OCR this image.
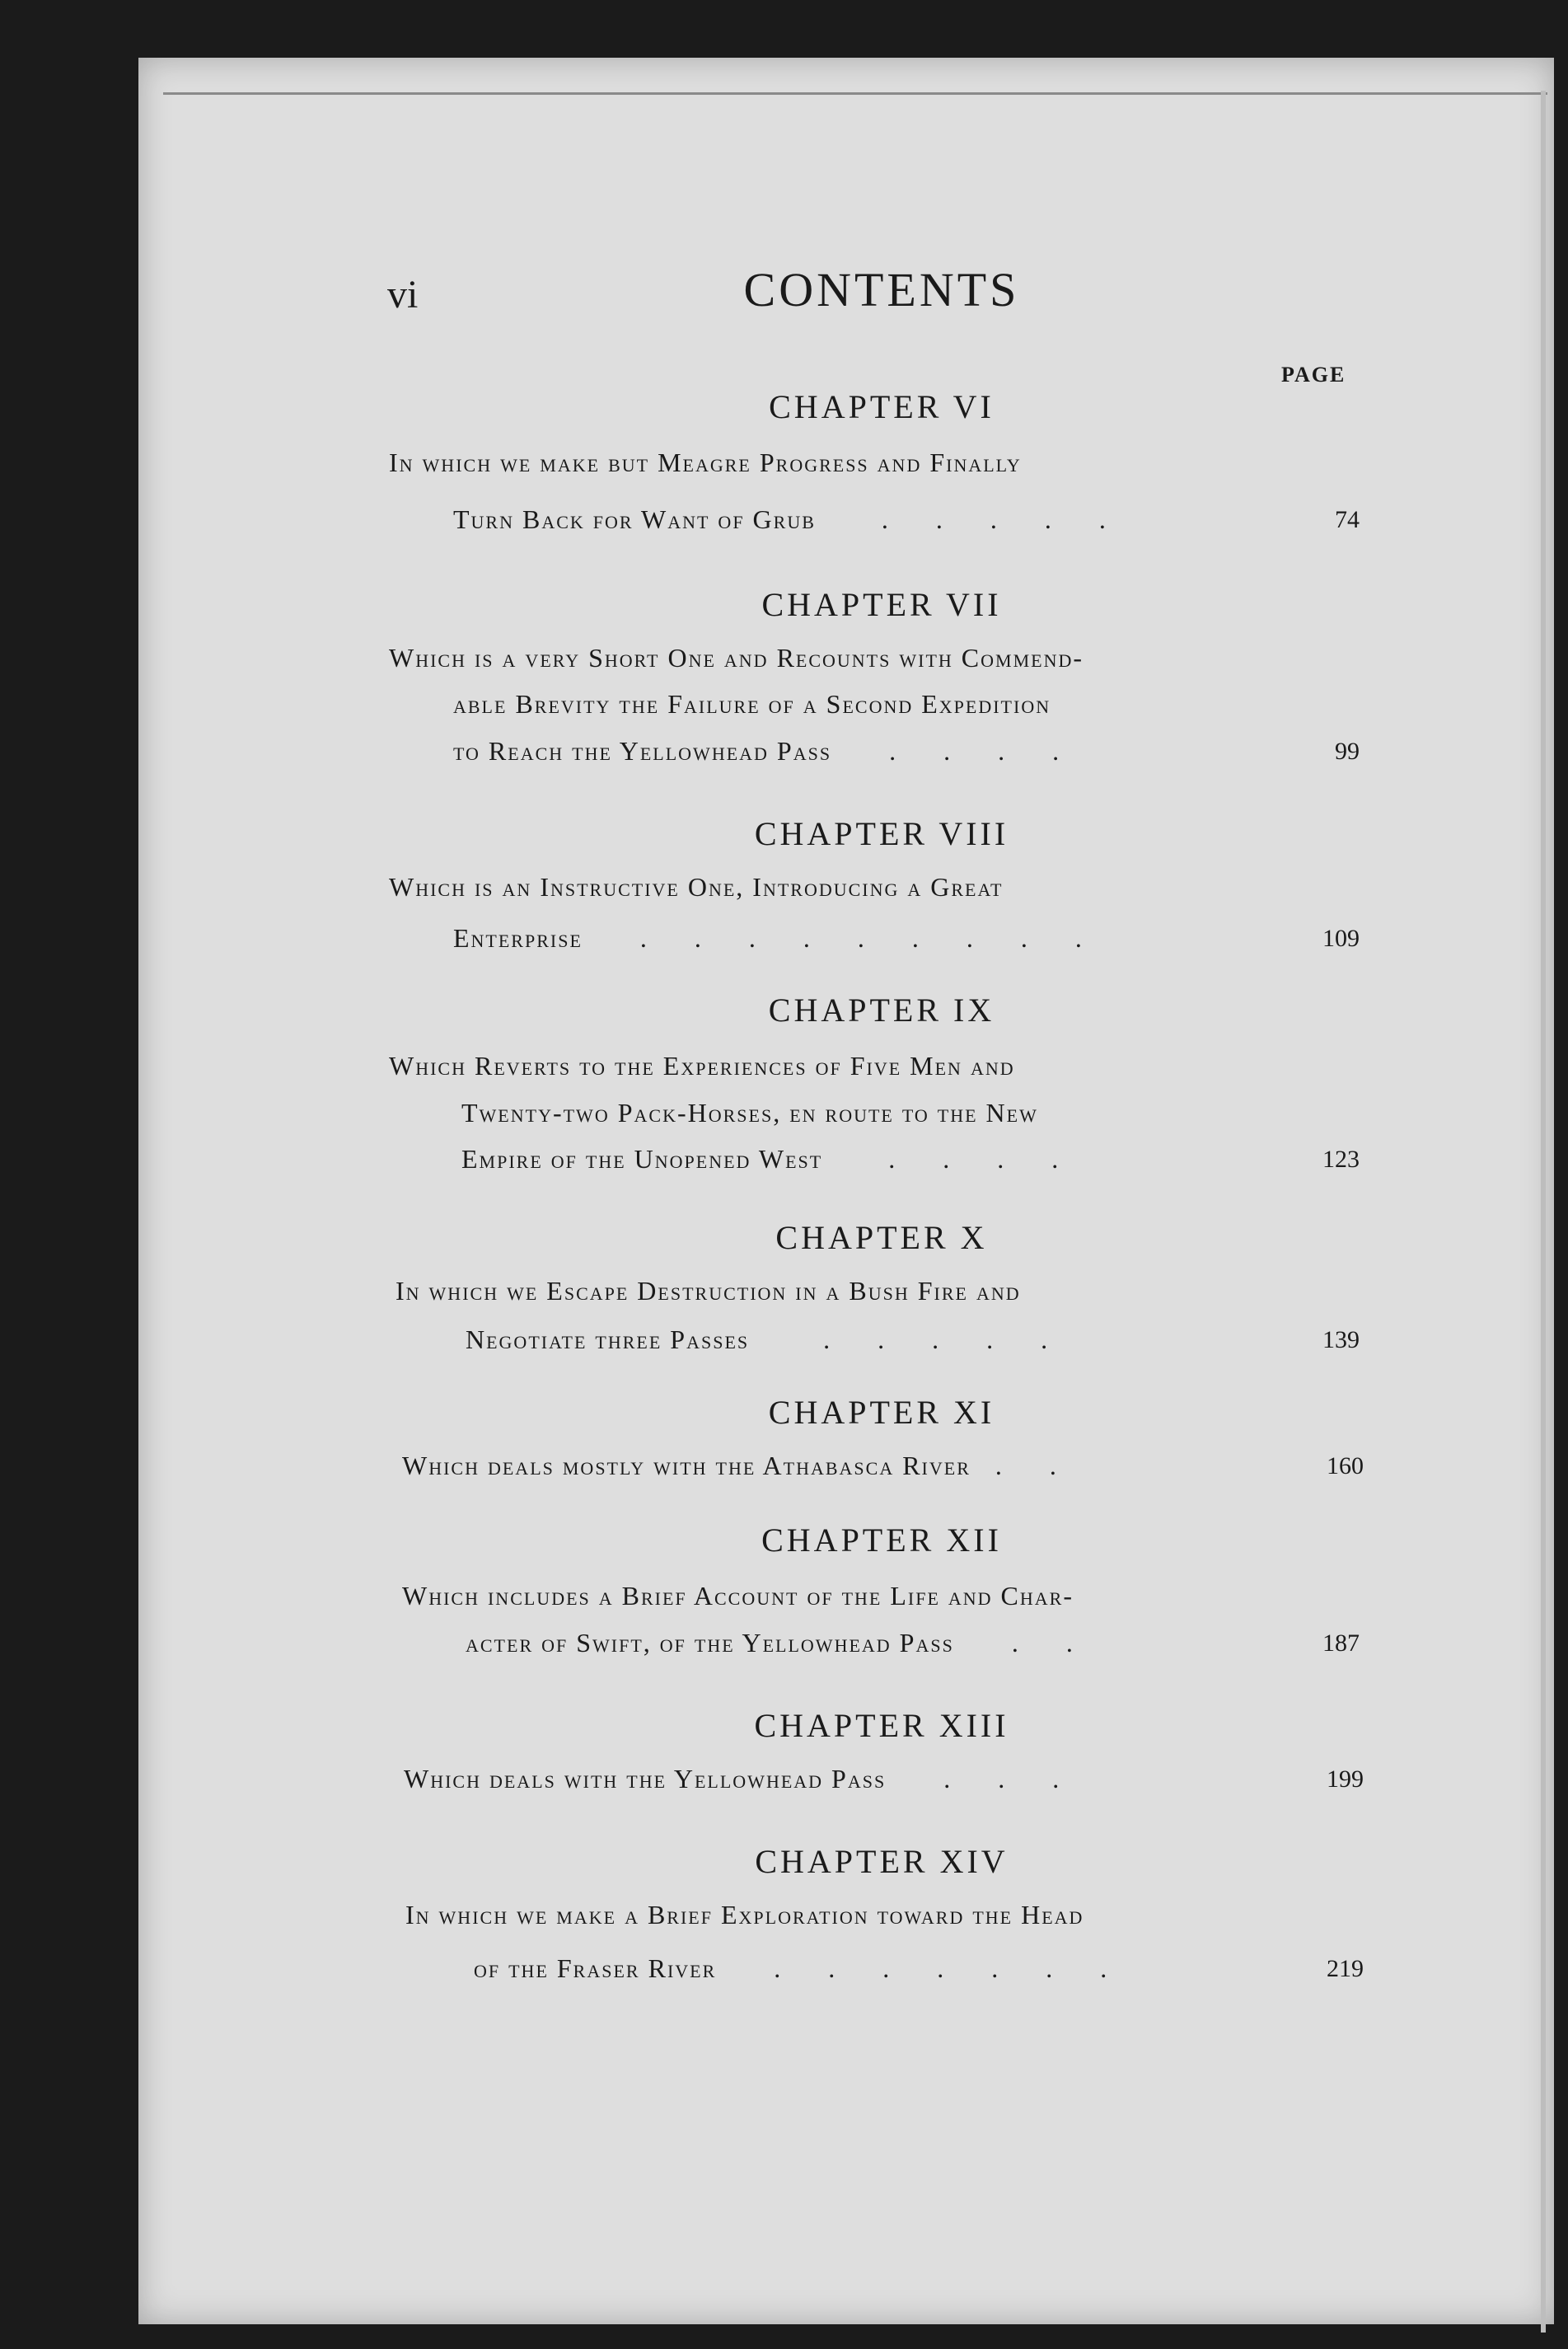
vi	CONTENTS
PAGE
CHAPTER VI
In which we make but Meagre Progress and Finally
Turn Back for Want of Grub	.....	74
CHAPTER VII
Which is a very Short One and Recounts with Commend-
able Brevity the Failure of a Second Expedition
to Reach the Yellowhead Pass ....	99
CHAPTER VIII
Which is an Instructive One, Introducing a Great
Enterprise .........	109
CHAPTER IX
Which Reverts to the Experiences of Five Men and
Twenty-two Pack-Horses, en route to the New
Empire of the Unopened West	....	123
CHAPTER X
In which we Escape Destruction in a Bush Fire and
Negotiate three Passes	.....	139
CHAPTER XI
Which deals mostly with the Athabasca River ..	160
CHAPTER XII
Which includes a Brief Account of the Life and Char-
acter of Swift, of the Yellowhead Pass ..	187
CHAPTER XIII
Which deals with the Yellowhead Pass ...	199
CHAPTER XIV
In which we make a Brief Exploration toward the Head
of the Fraser River .......	219
